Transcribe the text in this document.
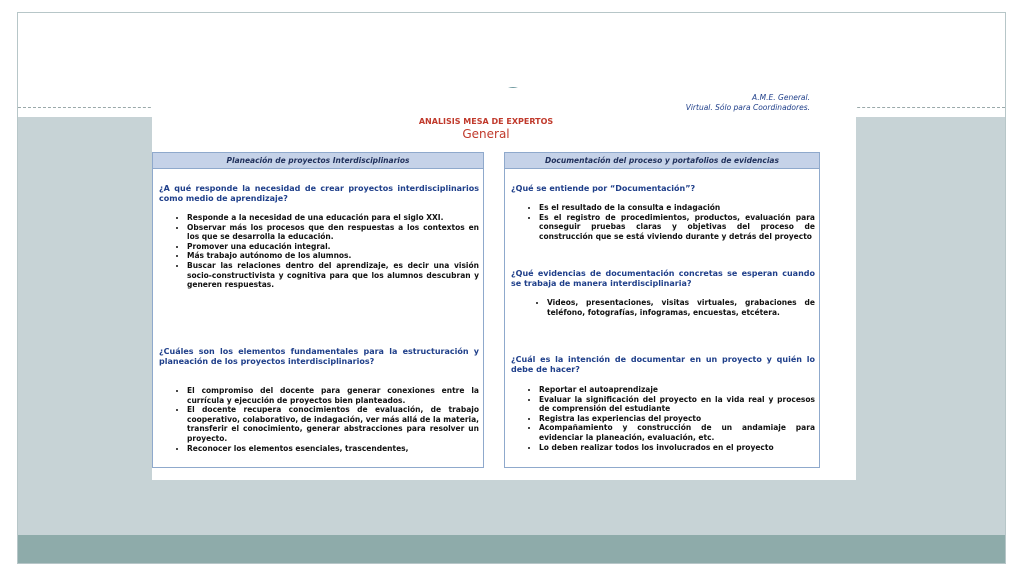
A.M.E. General.
Virtual. Sólo para Coordinadores.
ANALISIS MESA DE EXPERTOS
General
Planeación de proyectos Interdisciplinarios
¿A qué responde la necesidad de crear proyectos interdisciplinarios como medio de aprendizaje?
• Responde a la necesidad de una educación para el siglo XXI.
• Observar más los procesos que den respuestas a los contextos en los que se desarrolla la educación.
• Promover una educación integral.
• Más trabajo autónomo de los alumnos.
• Buscar las relaciones dentro del aprendizaje, es decir una visión socio-constructivista y cognitiva para que los alumnos descubran y generen respuestas.
¿Cuáles son los elementos fundamentales para la estructuración y planeación de los proyectos interdisciplinarios?
• El compromiso del docente para generar conexiones entre la currícula y ejecución de proyectos bien planteados.
• El docente recupera conocimientos de evaluación, de trabajo cooperativo, colaborativo, de indagación, ver más allá de la materia, transferir el conocimiento, generar abstracciones para resolver un proyecto.
• Reconocer los elementos esenciales, trascendentes,
Documentación del proceso y portafolios de evidencias
¿Qué se entiende por “Documentación”?
• Es el resultado de la consulta e indagación
• Es el registro de procedimientos, productos, evaluación para conseguir pruebas claras y objetivas del proceso de construcción que se está viviendo durante y detrás del proyecto
¿Qué evidencias de documentación concretas se esperan cuando se trabaja de manera interdisciplinaria?
• Videos, presentaciones, visitas virtuales, grabaciones de teléfono, fotografías, infogramas, encuestas, etcétera.
¿Cuál es la intención de documentar en un proyecto y quién lo debe de hacer?
• Reportar el autoaprendizaje
• Evaluar la significación del proyecto en la vida real y procesos de comprensión del estudiante
• Registra las experiencias del proyecto
• Acompañamiento y construcción de un andamiaje para evidenciar la planeación, evaluación, etc.
• Lo deben realizar todos los involucrados en el proyecto
